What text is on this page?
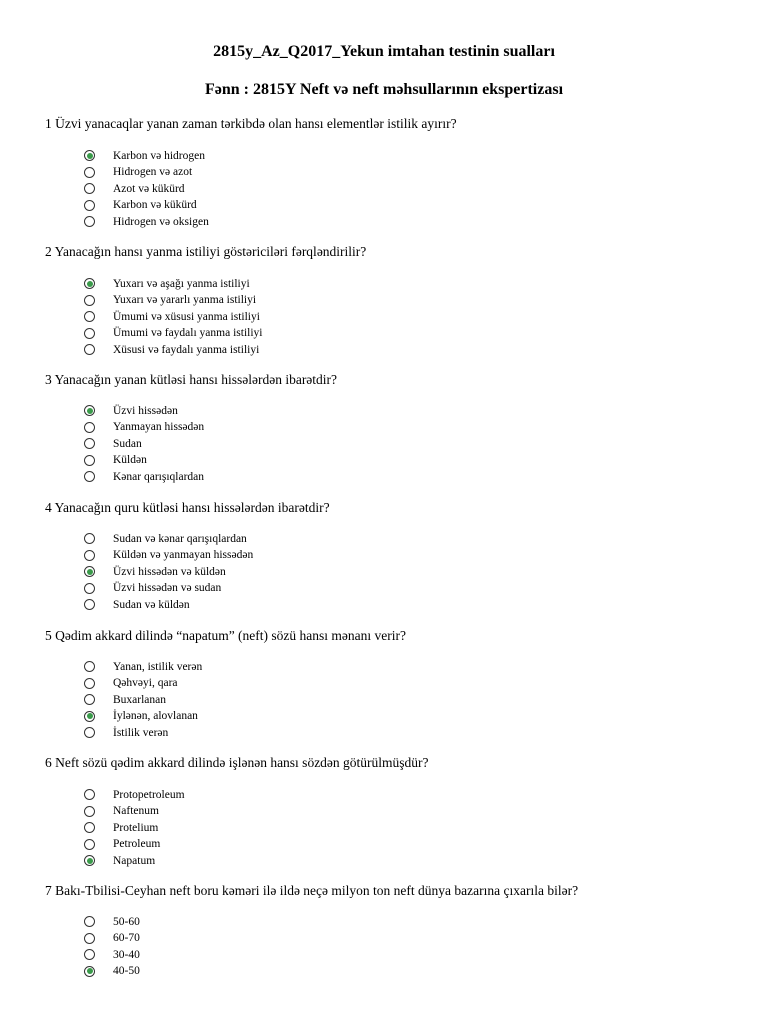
2815y_Az_Q2017_Yekun imtahan testinin sualları
Fənn : 2815Y Neft və neft məhsullarının ekspertizası
1 Üzvi yanacaqlar yanan zaman tərkibdə olan hansı elementlər istilik ayırır?
Karbon və hidrogen
Hidrogen və azot
Azot və kükürd
Karbon və kükürd
Hidrogen və oksigen
2 Yanacağın hansı yanma istiliyi göstəriciləri fərqləndirilir?
Yuxarı və aşağı yanma istiliyi
Yuxarı və yararlı yanma istiliyi
Ümumi və xüsusi yanma istiliyi
Ümumi və faydalı yanma istiliyi
Xüsusi və faydalı yanma istiliyi
3 Yanacağın yanan kütləsi hansı hissələrdən ibarətdir?
Üzvi hissədən
Yanmayan hissədən
Sudan
Küldən
Kənar qarışıqlardan
4 Yanacağın quru kütləsi hansı hissələrdən ibarətdir?
Sudan və kənar qarışıqlardan
Küldən və yanmayan hissədən
Üzvi hissədən və küldən
Üzvi hissədən və sudan
Sudan və küldən
5 Qədim akkard dilində “napatum” (neft) sözü hansı mənanı verir?
Yanan, istilik verən
Qəhvəyi, qara
Buxarlanan
İylənən, alovlanan
İstilik verən
6 Neft sözü qədim akkard dilində işlənən hansı sözdən götürülmüşdür?
Protopetroleum
Naftenum
Protelium
Petroleum
Napatum
7 Bakı-Tbilisi-Ceyhan neft boru kəməri ilə ildə neçə milyon ton neft dünya bazarına çıxarıla bilər?
50-60
60-70
30-40
40-50
